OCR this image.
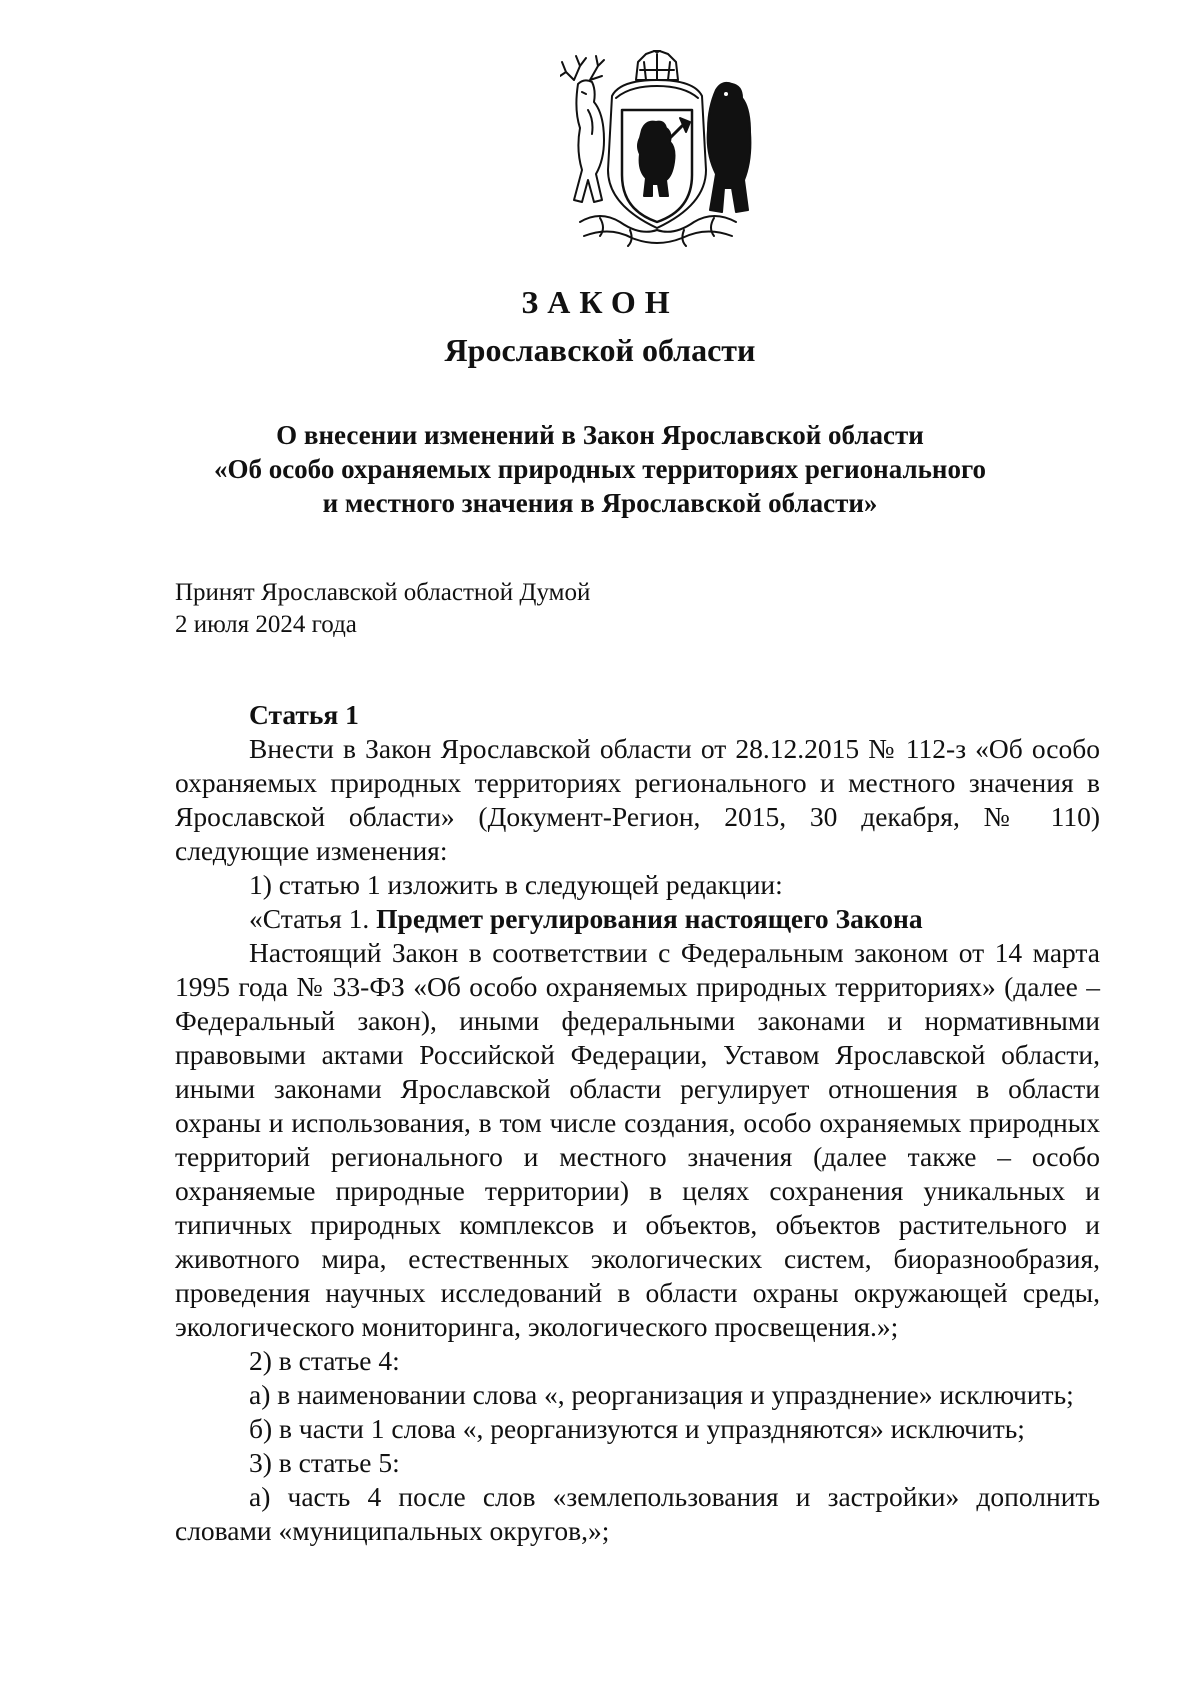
ЗАКОН
Ярославской области
О внесении изменений в Закон Ярославской области
«Об особо охраняемых природных территориях регионального
и местного значения в Ярославской области»
Принят Ярославской областной Думой
2 июля 2024 года

Статья 1

Внести в Закон Ярославской области от 28.12.2015 № 112-з «Об особо охраняемых природных территориях регионального и местного значения в Ярославской области» (Документ-Регион, 2015, 30 декабря, № 110) следующие изменения:

1) статью 1 изложить в следующей редакции:

«Статья 1. Предмет регулирования настоящего Закона

Настоящий Закон в соответствии с Федеральным законом от 14 марта 1995 года № 33-ФЗ «Об особо охраняемых природных территориях» (далее – Федеральный закон), иными федеральными законами и нормативными правовыми актами Российской Федерации, Уставом Ярославской области, иными законами Ярославской области регулирует отношения в области охраны и использования, в том числе создания, особо охраняемых природных территорий регионального и местного значения (далее также – особо охраняемые природные территории) в целях сохранения уникальных и типичных природных комплексов и объектов, объектов растительного и животного мира, естественных экологических систем, биоразнообразия, проведения научных исследований в области охраны окружающей среды, экологического мониторинга, экологического просвещения.»;

2) в статье 4:

а) в наименовании слова «, реорганизация и упразднение» исключить;

б) в части 1 слова «, реорганизуются и упраздняются» исключить;

3) в статье 5:

а) часть 4 после слов «землепользования и застройки» дополнить словами «муниципальных округов,»;
